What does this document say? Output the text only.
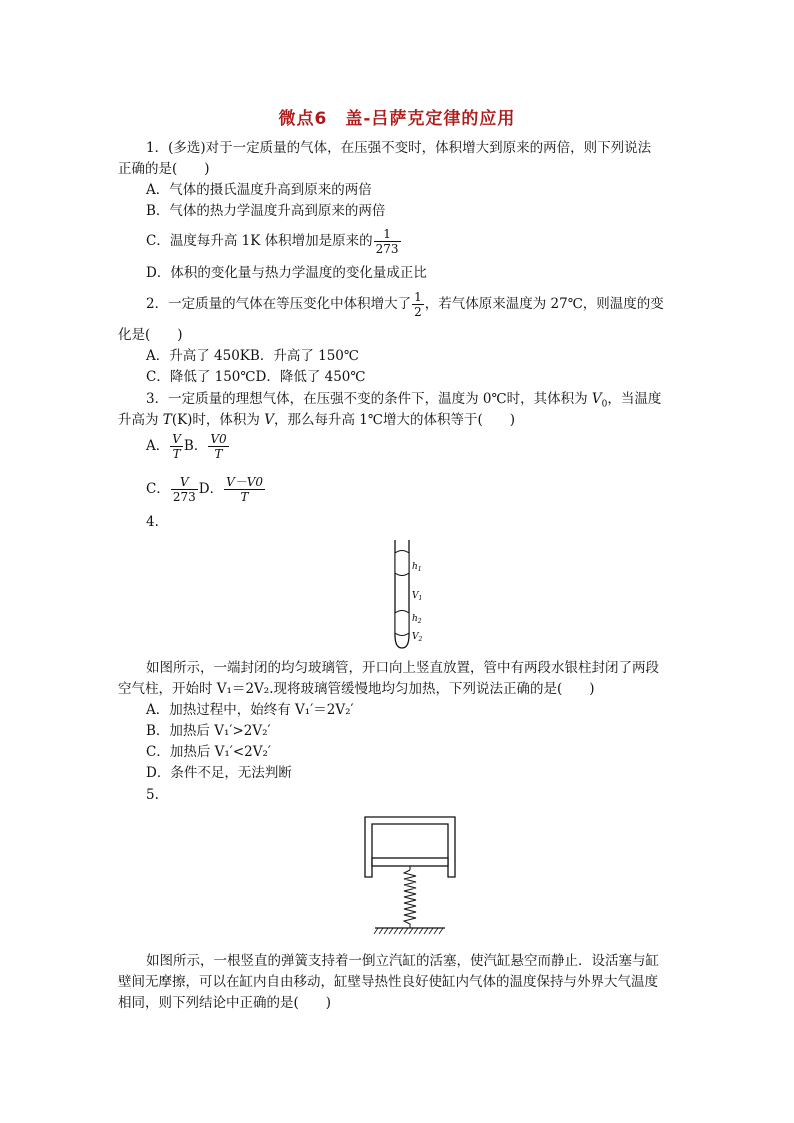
微点6　盖-吕萨克定律的应用
1．(多选)对于一定质量的气体，在压强不变时，体积增大到原来的两倍，则下列说法
正确的是(　　)
A．气体的摄氏温度升高到原来的两倍
B．气体的热力学温度升高到原来的两倍
C．温度每升高 1K 体积增加是原来的 $\frac{1}{273}$
D．体积的变化量与热力学温度的变化量成正比
2．一定质量的气体在等压变化中体积增大了 $\frac{1}{2}$ ，若气体原来温度为 27℃，则温度的变
化是(　　)
A．升高了 450KB．升高了 150℃
C．降低了 150℃D．降低了 450℃
3．一定质量的理想气体，在压强不变的条件下，温度为 0℃时，其体积为 $V_0$，当温度
升高为 T(K)时，体积为 V，那么每升高 1℃增大的体积等于(　　)
A． $\frac{V}{T}$ B． $\frac{V0}{T}$
C． $\frac{V}{273}$ D． $\frac{V-V0}{T}$
4.
$h_1$
$V_1$
$h_2$
$V_2$
如图所示，一端封闭的均匀玻璃管，开口向上竖直放置，管中有两段水银柱封闭了两段
空气柱，开始时 V₁＝2V₂.现将玻璃管缓慢地均匀加热，下列说法正确的是(　　)
A．加热过程中，始终有 V₁′＝2V₂′
B．加热后 V₁′>2V₂′
C．加热后 V₁′<2V₂′
D．条件不足，无法判断
5.
如图所示，一根竖直的弹簧支持着一倒立汽缸的活塞，使汽缸悬空而静止．设活塞与缸
壁间无摩擦，可以在缸内自由移动，缸壁导热性良好使缸内气体的温度保持与外界大气温度
相同，则下列结论中正确的是(　　)
